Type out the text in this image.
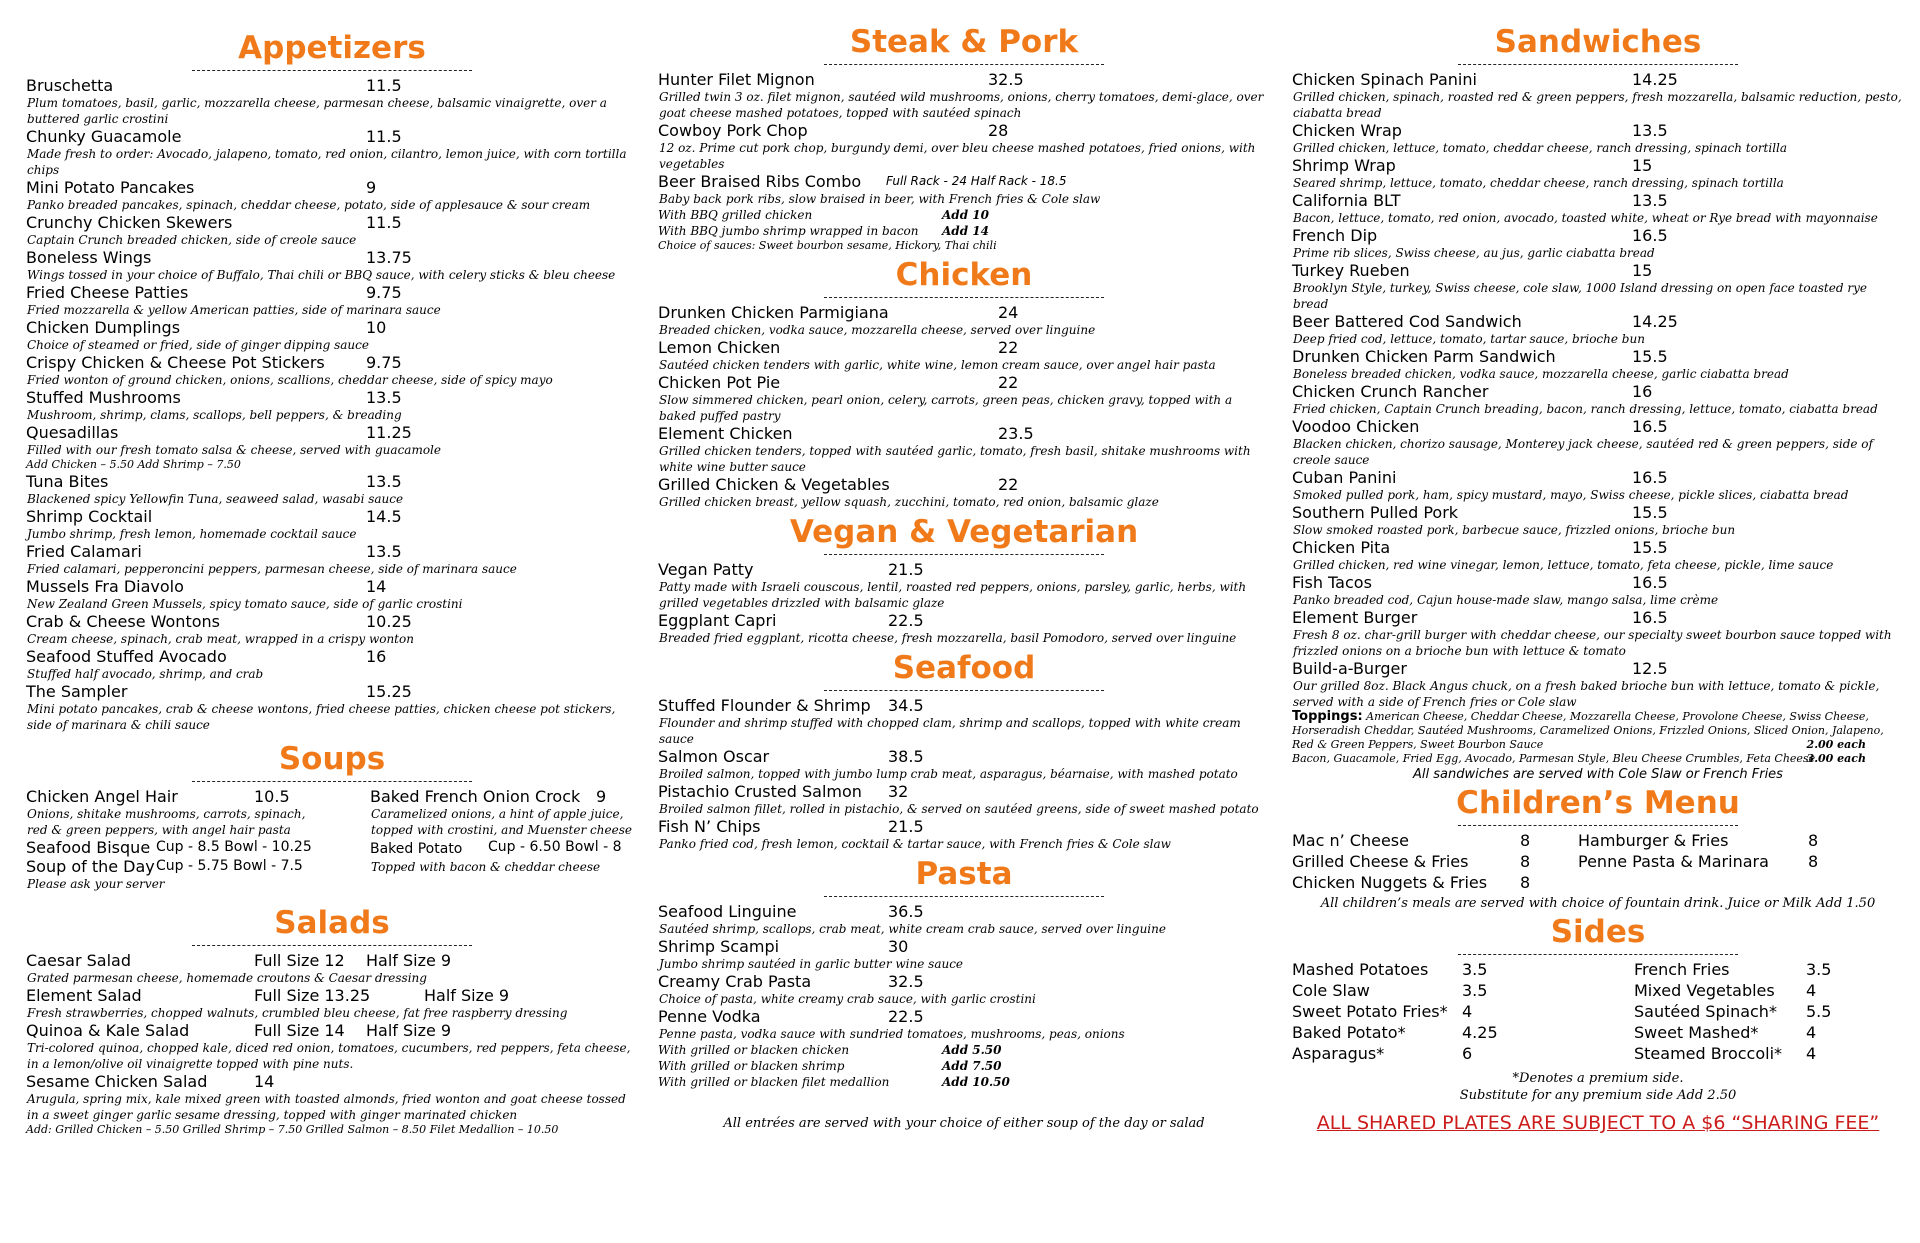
Appetizers
Bruschetta	11.5
Plum tomatoes, basil, garlic, mozzarella cheese, parmesan cheese, balsamic vinaigrette, over a buttered garlic crostini
Chunky Guacamole	11.5
Made fresh to order: Avocado, jalapeno, tomato, red onion, cilantro, lemon juice, with corn tortilla chips
Mini Potato Pancakes	9
Panko breaded pancakes, spinach, cheddar cheese, potato, side of applesauce & sour cream
Crunchy Chicken Skewers	11.5
Captain Crunch breaded chicken, side of creole sauce
Boneless Wings	13.75
Wings tossed in your choice of Buffalo, Thai chili or BBQ sauce, with celery sticks & bleu cheese
Fried Cheese Patties	9.75
Fried mozzarella & yellow American patties, side of marinara sauce
Chicken Dumplings	10
Choice of steamed or fried, side of ginger dipping sauce
Crispy Chicken & Cheese Pot Stickers	9.75
Fried wonton of ground chicken, onions, scallions, cheddar cheese, side of spicy mayo
Stuffed Mushrooms	13.5
Mushroom, shrimp, clams, scallops, bell peppers, & breading
Quesadillas	11.25
Filled with our fresh tomato salsa & cheese, served with guacamole
Add Chicken – 5.50 Add Shrimp – 7.50
Tuna Bites	13.5
Blackened spicy Yellowfin Tuna, seaweed salad, wasabi sauce
Shrimp Cocktail	14.5
Jumbo shrimp, fresh lemon, homemade cocktail sauce
Fried Calamari	13.5
Fried calamari, pepperoncini peppers, parmesan cheese, side of marinara sauce
Mussels Fra Diavolo	14
New Zealand Green Mussels, spicy tomato sauce, side of garlic crostini
Crab & Cheese Wontons	10.25
Cream cheese, spinach, crab meat, wrapped in a crispy wonton
Seafood Stuffed Avocado	16
Stuffed half avocado, shrimp, and crab
The Sampler	15.25
Mini potato pancakes, crab & cheese wontons, fried cheese patties, chicken cheese pot stickers, side of marinara & chili sauce
Soups
Chicken Angel Hair	10.5
Onions, shitake mushrooms, carrots, spinach, red & green peppers, with angel hair pasta
Seafood Bisque Cup - 8.5 Bowl - 10.25
Soup of the Day Cup - 5.75 Bowl - 7.5
Please ask your server
Baked French Onion Crock 9
Caramelized onions, a hint of apple juice, topped with crostini, and Muenster cheese
Baked Potato Cup - 6.50 Bowl - 8
Topped with bacon & cheddar cheese
Salads
Caesar Salad	Full Size 12 Half Size 9
Grated parmesan cheese, homemade croutons & Caesar dressing
Element Salad	Full Size 13.25	Half Size 9
Fresh strawberries, chopped walnuts, crumbled bleu cheese, fat free raspberry dressing
Quinoa & Kale Salad	Full Size 14 Half Size 9
Tri-colored quinoa, chopped kale, diced red onion, tomatoes, cucumbers, red peppers, feta cheese, in a lemon/olive oil vinaigrette topped with pine nuts.
Sesame Chicken Salad	14
Arugula, spring mix, kale mixed green with toasted almonds, fried wonton and goat cheese tossed in a sweet ginger garlic sesame dressing, topped with ginger marinated chicken
Add: Grilled Chicken – 5.50 Grilled Shrimp – 7.50 Grilled Salmon – 8.50 Filet Medallion – 10.50
Steak & Pork
Hunter Filet Mignon	32.5
Grilled twin 3 oz. filet mignon, sautéed wild mushrooms, onions, cherry tomatoes, demi-glace, over goat cheese mashed potatoes, topped with sautéed spinach
Cowboy Pork Chop	28
12 oz. Prime cut pork chop, burgundy demi, over bleu cheese mashed potatoes, fried onions, with vegetables
Beer Braised Ribs Combo Full Rack - 24 Half Rack - 18.5
Baby back pork ribs, slow braised in beer, with French fries & Cole slaw
With BBQ grilled chicken	Add 10
With BBQ jumbo shrimp wrapped in bacon Add 14
Choice of sauces: Sweet bourbon sesame, Hickory, Thai chili
Chicken
Drunken Chicken Parmigiana	24
Breaded chicken, vodka sauce, mozzarella cheese, served over linguine
Lemon Chicken	22
Sautéed chicken tenders with garlic, white wine, lemon cream sauce, over angel hair pasta
Chicken Pot Pie	22
Slow simmered chicken, pearl onion, celery, carrots, green peas, chicken gravy, topped with a baked puffed pastry
Element Chicken	23.5
Grilled chicken tenders, topped with sautéed garlic, tomato, fresh basil, shitake mushrooms with white wine butter sauce
Grilled Chicken & Vegetables	22
Grilled chicken breast, yellow squash, zucchini, tomato, red onion, balsamic glaze
Vegan & Vegetarian
Vegan Patty	21.5
Patty made with Israeli couscous, lentil, roasted red peppers, onions, parsley, garlic, herbs, with grilled vegetables drizzled with balsamic glaze
Eggplant Capri	22.5
Breaded fried eggplant, ricotta cheese, fresh mozzarella, basil Pomodoro, served over linguine
Seafood
Stuffed Flounder & Shrimp 34.5
Flounder and shrimp stuffed with chopped clam, shrimp and scallops, topped with white cream sauce
Salmon Oscar	38.5
Broiled salmon, topped with jumbo lump crab meat, asparagus, béarnaise, with mashed potato
Pistachio Crusted Salmon 32
Broiled salmon fillet, rolled in pistachio, & served on sautéed greens, side of sweet mashed potato
Fish N’ Chips	21.5
Panko fried cod, fresh lemon, cocktail & tartar sauce, with French fries & Cole slaw
Pasta
Seafood Linguine	36.5
Sautéed shrimp, scallops, crab meat, white cream crab sauce, served over linguine
Shrimp Scampi	30
Jumbo shrimp sautéed in garlic butter wine sauce
Creamy Crab Pasta	32.5
Choice of pasta, white creamy crab sauce, with garlic crostini
Penne Vodka	22.5
Penne pasta, vodka sauce with sundried tomatoes, mushrooms, peas, onions
With grilled or blacken chicken	Add 5.50
With grilled or blacken shrimp	Add 7.50
With grilled or blacken filet medallion	Add 10.50
All entrées are served with your choice of either soup of the day or salad
Sandwiches
Chicken Spinach Panini	14.25
Grilled chicken, spinach, roasted red & green peppers, fresh mozzarella, balsamic reduction, pesto, ciabatta bread
Chicken Wrap	13.5
Grilled chicken, lettuce, tomato, cheddar cheese, ranch dressing, spinach tortilla
Shrimp Wrap	15
Seared shrimp, lettuce, tomato, cheddar cheese, ranch dressing, spinach tortilla
California BLT	13.5
Bacon, lettuce, tomato, red onion, avocado, toasted white, wheat or Rye bread with mayonnaise
French Dip	16.5
Prime rib slices, Swiss cheese, au jus, garlic ciabatta bread
Turkey Rueben	15
Brooklyn Style, turkey, Swiss cheese, cole slaw, 1000 Island dressing on open face toasted rye bread
Beer Battered Cod Sandwich	14.25
Deep fried cod, lettuce, tomato, tartar sauce, brioche bun
Drunken Chicken Parm Sandwich	15.5
Boneless breaded chicken, vodka sauce, mozzarella cheese, garlic ciabatta bread
Chicken Crunch Rancher	16
Fried chicken, Captain Crunch breading, bacon, ranch dressing, lettuce, tomato, ciabatta bread
Voodoo Chicken	16.5
Blacken chicken, chorizo sausage, Monterey jack cheese, sautéed red & green peppers, side of creole sauce
Cuban Panini	16.5
Smoked pulled pork, ham, spicy mustard, mayo, Swiss cheese, pickle slices, ciabatta bread
Southern Pulled Pork	15.5
Slow smoked roasted pork, barbecue sauce, frizzled onions, brioche bun
Chicken Pita	15.5
Grilled chicken, red wine vinegar, lemon, lettuce, tomato, feta cheese, pickle, lime sauce
Fish Tacos	16.5
Panko breaded cod, Cajun house-made slaw, mango salsa, lime crème
Element Burger	16.5
Fresh 8 oz. char-grill burger with cheddar cheese, our specialty sweet bourbon sauce topped with frizzled onions on a brioche bun with lettuce & tomato
Build-a-Burger	12.5
Our grilled 8oz. Black Angus chuck, on a fresh baked brioche bun with lettuce, tomato & pickle, served with a side of French fries or Cole slaw
Toppings: American Cheese, Cheddar Cheese, Mozzarella Cheese, Provolone Cheese, Swiss Cheese, Horseradish Cheddar, Sautéed Mushrooms, Caramelized Onions, Frizzled Onions, Sliced Onion, Jalapeno, Red & Green Peppers, Sweet Bourbon Sauce	2.00 each
Bacon, Guacamole, Fried Egg, Avocado, Parmesan Style, Bleu Cheese Crumbles, Feta Cheese
3.00 each
All sandwiches are served with Cole Slaw or French Fries
Children’s Menu
Mac n’ Cheese	8
Grilled Cheese & Fries	8
Chicken Nuggets & Fries 8
Hamburger & Fries	8
Penne Pasta & Marinara 8
All children’s meals are served with choice of fountain drink. Juice or Milk Add 1.50
Sides
Mashed Potatoes 3.5
Cole Slaw	3.5
Sweet Potato Fries* 4
Baked Potato*	4.25
Asparagus*	6
French Fries	3.5
Mixed Vegetables 4
Sautéed Spinach* 5.5
Sweet Mashed*	4
Steamed Broccoli* 4
*Denotes a premium side.
Substitute for any premium side Add 2.50
ALL SHARED PLATES ARE SUBJECT TO A $6 “SHARING FEE”
